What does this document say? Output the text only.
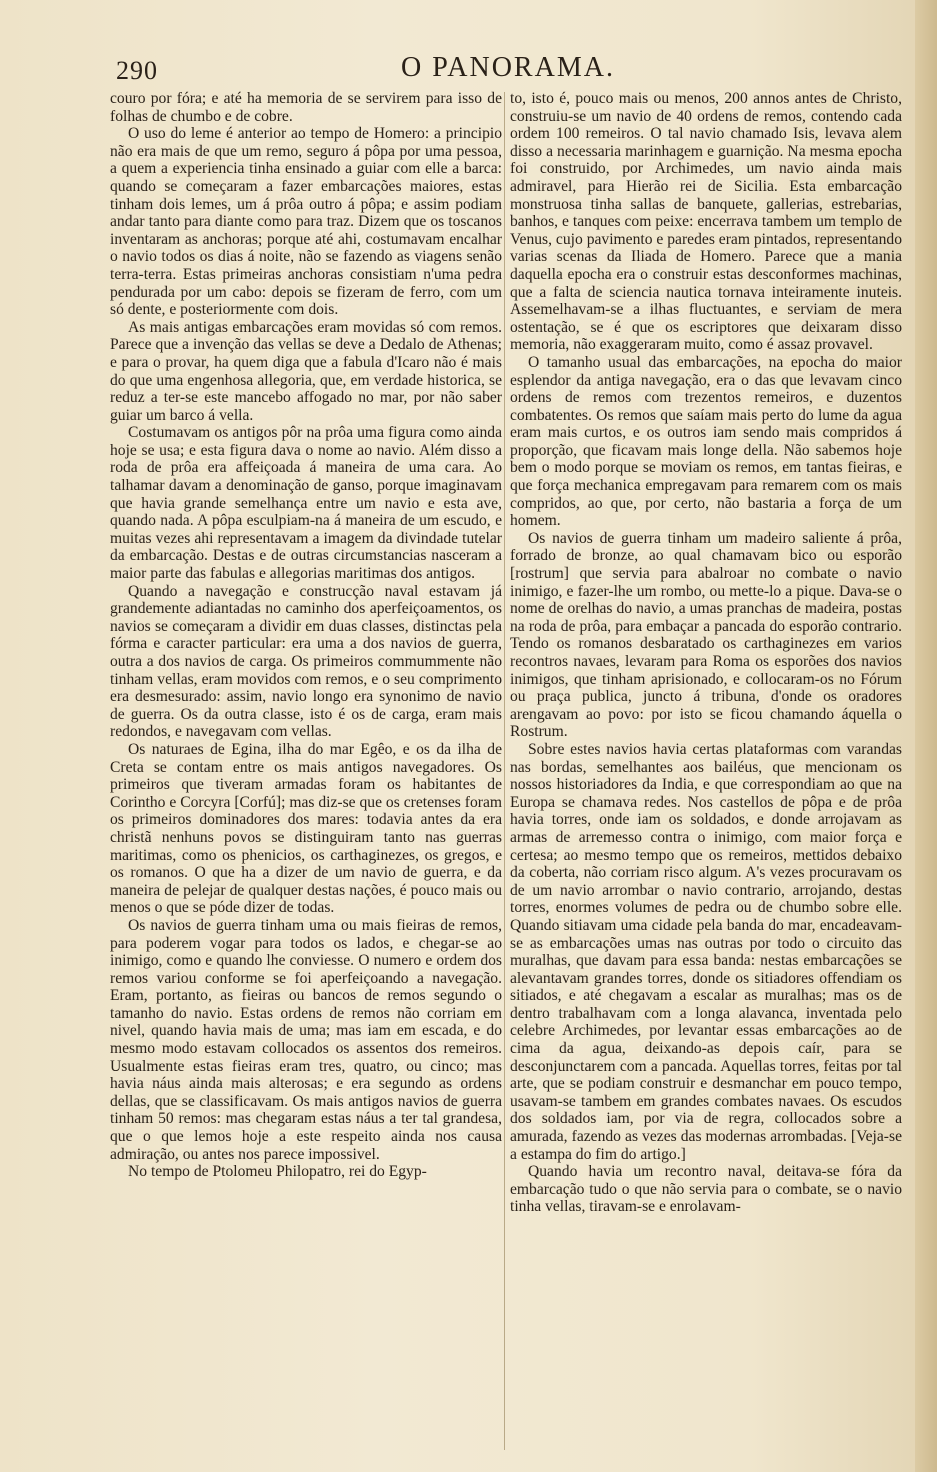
290	O PANORAMA.

couro por fóra; e até ha memoria de se servirem para isso de folhas de chumbo e de cobre.

O uso do leme é anterior ao tempo de Homero: a principio não era mais de que um remo, seguro á pôpa por uma pessoa, a quem a experiencia tinha ensinado a guiar com elle a barca: quando se começaram a fazer embarcações maiores, estas tinham dois lemes, um á prôa outro á pôpa; e assim podiam andar tanto para diante como para traz. Dizem que os toscanos inventaram as anchoras; porque até ahi, costumavam encalhar o navio todos os dias á noite, não se fazendo as viagens senão terra-terra. Estas primeiras anchoras consistiam n'uma pedra pendurada por um cabo: depois se fizeram de ferro, com um só dente, e posteriormente com dois.

As mais antigas embarcações eram movidas só com remos. Parece que a invenção das vellas se deve a Dedalo de Athenas; e para o provar, ha quem diga que a fabula d'Icaro não é mais do que uma engenhosa allegoria, que, em verdade historica, se reduz a ter-se este mancebo affogado no mar, por não saber guiar um barco á vella.

Costumavam os antigos pôr na prôa uma figura como ainda hoje se usa; e esta figura dava o nome ao navio. Além disso a roda de prôa era affeiçoada á maneira de uma cara. Ao talhamar davam a denominação de ganso, porque imaginavam que havia grande semelhança entre um navio e esta ave, quando nada. A pôpa esculpiam-na á maneira de um escudo, e muitas vezes ahi representavam a imagem da divindade tutelar da embarcação. Destas e de outras circumstancias nasceram a maior parte das fabulas e allegorias maritimas dos antigos.

Quando a navegação e construcção naval estavam já grandemente adiantadas no caminho dos aperfeiçoamentos, os navios se começaram a dividir em duas classes, distinctas pela fórma e caracter particular: era uma a dos navios de guerra, outra a dos navios de carga. Os primeiros commummente não tinham vellas, eram movidos com remos, e o seu comprimento era desmesurado: assim, navio longo era synonimo de navio de guerra. Os da outra classe, isto é os de carga, eram mais redondos, e navegavam com vellas.

Os naturaes de Egina, ilha do mar Egêo, e os da ilha de Creta se contam entre os mais antigos navegadores. Os primeiros que tiveram armadas foram os habitantes de Corintho e Corcyra [Corfú]; mas diz-se que os cretenses foram os primeiros dominadores dos mares: todavia antes da era christã nenhuns povos se distinguiram tanto nas guerras maritimas, como os phenicios, os carthaginezes, os gregos, e os romanos. O que ha a dizer de um navio de guerra, e da maneira de pelejar de qualquer destas nações, é pouco mais ou menos o que se póde dizer de todas.

Os navios de guerra tinham uma ou mais fieiras de remos, para poderem vogar para todos os lados, e chegar-se ao inimigo, como e quando lhe conviesse. O numero e ordem dos remos variou conforme se foi aperfeiçoando a navegação. Eram, portanto, as fieiras ou bancos de remos segundo o tamanho do navio. Estas ordens de remos não corriam em nivel, quando havia mais de uma; mas iam em escada, e do mesmo modo estavam collocados os assentos dos remeiros. Usualmente estas fieiras eram tres, quatro, ou cinco; mas havia náus ainda mais alterosas; e era segundo as ordens dellas, que se classificavam. Os mais antigos navios de guerra tinham 50 remos: mas chegaram estas náus a ter tal grandesa, que o que lemos hoje a este respeito ainda nos causa admiração, ou antes nos parece impossivel.

No tempo de Ptolomeu Philopatro, rei do Egyp-

to, isto é, pouco mais ou menos, 200 annos antes de Christo, construiu-se um navio de 40 ordens de remos, contendo cada ordem 100 remeiros. O tal navio chamado Isis, levava alem disso a necessaria marinhagem e guarnição. Na mesma epocha foi construido, por Archimedes, um navio ainda mais admiravel, para Hierão rei de Sicilia. Esta embarcação monstruosa tinha sallas de banquete, gallerias, estrebarias, banhos, e tanques com peixe: encerrava tambem um templo de Venus, cujo pavimento e paredes eram pintados, representando varias scenas da Iliada de Homero. Parece que a mania daquella epocha era o construir estas desconformes machinas, que a falta de sciencia nautica tornava inteiramente inuteis. Assemelhavam-se a ilhas fluctuantes, e serviam de mera ostentação, se é que os escriptores que deixaram disso memoria, não exaggeraram muito, como é assaz provavel.

O tamanho usual das embarcações, na epocha do maior esplendor da antiga navegação, era o das que levavam cinco ordens de remos com trezentos remeiros, e duzentos combatentes. Os remos que saíam mais perto do lume da agua eram mais curtos, e os outros iam sendo mais compridos á proporção, que ficavam mais longe della. Não sabemos hoje bem o modo porque se moviam os remos, em tantas fieiras, e que força mechanica empregavam para remarem com os mais compridos, ao que, por certo, não bastaria a força de um homem.

Os navios de guerra tinham um madeiro saliente á prôa, forrado de bronze, ao qual chamavam bico ou esporão [rostrum] que servia para abalroar no combate o navio inimigo, e fazer-lhe um rombo, ou mette-lo a pique. Dava-se o nome de orelhas do navio, a umas pranchas de madeira, postas na roda de prôa, para embaçar a pancada do esporão contrario. Tendo os romanos desbaratado os carthaginezes em varios recontros navaes, levaram para Roma os esporões dos navios inimigos, que tinham aprisionado, e collocaram-os no Fórum ou praça publica, juncto á tribuna, d'onde os oradores arengavam ao povo: por isto se ficou chamando áquella o Rostrum.

Sobre estes navios havia certas plataformas com varandas nas bordas, semelhantes aos bailéus, que mencionam os nossos historiadores da India, e que correspondiam ao que na Europa se chamava redes. Nos castellos de pôpa e de prôa havia torres, onde iam os soldados, e donde arrojavam as armas de arremesso contra o inimigo, com maior força e certesa; ao mesmo tempo que os remeiros, mettidos debaixo da coberta, não corriam risco algum. A's vezes procuravam os de um navio arrombar o navio contrario, arrojando, destas torres, enormes volumes de pedra ou de chumbo sobre elle. Quando sitiavam uma cidade pela banda do mar, encadeavam-se as embarcações umas nas outras por todo o circuito das muralhas, que davam para essa banda: nestas embarcações se alevantavam grandes torres, donde os sitiadores offendiam os sitiados, e até chegavam a escalar as muralhas; mas os de dentro trabalhavam com a longa alavanca, inventada pelo celebre Archimedes, por levantar essas embarcações ao de cima da agua, deixando-as depois caír, para se desconjunctarem com a pancada. Aquellas torres, feitas por tal arte, que se podiam construir e desmanchar em pouco tempo, usavam-se tambem em grandes combates navaes. Os escudos dos soldados iam, por via de regra, collocados sobre a amurada, fazendo as vezes das modernas arrombadas. [Veja-se a estampa do fim do artigo.]

Quando havia um recontro naval, deitava-se fóra da embarcação tudo o que não servia para o combate, se o navio tinha vellas, tiravam-se e enrolavam-
